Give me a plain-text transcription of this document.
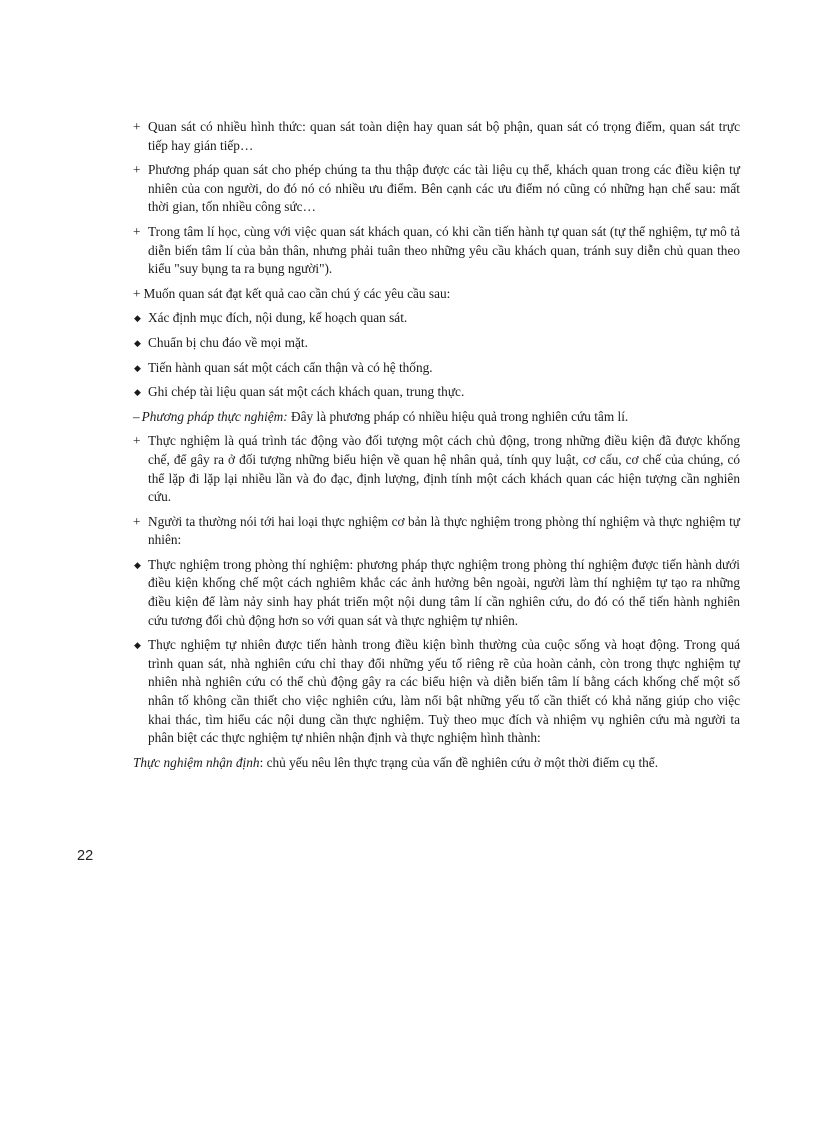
+ Quan sát có nhiều hình thức: quan sát toàn diện hay quan sát bộ phận, quan sát có trọng điểm, quan sát trực tiếp hay gián tiếp…
+ Phương pháp quan sát cho phép chúng ta thu thập được các tài liệu cụ thể, khách quan trong các điều kiện tự nhiên của con người, do đó nó có nhiều ưu điểm. Bên cạnh các ưu điểm nó cũng có những hạn chế sau: mất thời gian, tốn nhiều công sức…
+ Trong tâm lí học, cùng với việc quan sát khách quan, có khi cần tiến hành tự quan sát (tự thể nghiệm, tự mô tả diễn biến tâm lí của bản thân, nhưng phải tuân theo những yêu cầu khách quan, tránh suy diễn chủ quan theo kiểu "suy bụng ta ra bụng người").
+ Muốn quan sát đạt kết quả cao cần chú ý các yêu cầu sau:
◆ Xác định mục đích, nội dung, kế hoạch quan sát.
◆ Chuẩn bị chu đáo về mọi mặt.
◆ Tiến hành quan sát một cách cẩn thận và có hệ thống.
◆ Ghi chép tài liệu quan sát một cách khách quan, trung thực.
– Phương pháp thực nghiệm: Đây là phương pháp có nhiều hiệu quả trong nghiên cứu tâm lí.
+ Thực nghiệm là quá trình tác động vào đối tượng một cách chủ động, trong những điều kiện đã được khống chế, để gây ra ở đối tượng những biểu hiện về quan hệ nhân quả, tính quy luật, cơ cấu, cơ chế của chúng, có thể lặp đi lặp lại nhiều lần và đo đạc, định lượng, định tính một cách khách quan các hiện tượng cần nghiên cứu.
+ Người ta thường nói tới hai loại thực nghiệm cơ bản là thực nghiệm trong phòng thí nghiệm và thực nghiệm tự nhiên:
◆ Thực nghiệm trong phòng thí nghiệm: phương pháp thực nghiệm trong phòng thí nghiệm được tiến hành dưới điều kiện khống chế một cách nghiêm khắc các ảnh hưởng bên ngoài, người làm thí nghiệm tự tạo ra những điều kiện để làm nảy sinh hay phát triển một nội dung tâm lí cần nghiên cứu, do đó có thể tiến hành nghiên cứu tương đối chủ động hơn so với quan sát và thực nghiệm tự nhiên.
◆ Thực nghiệm tự nhiên được tiến hành trong điều kiện bình thường của cuộc sống và hoạt động. Trong quá trình quan sát, nhà nghiên cứu chỉ thay đổi những yếu tố riêng rẽ của hoàn cảnh, còn trong thực nghiệm tự nhiên nhà nghiên cứu có thể chủ động gây ra các biểu hiện và diễn biến tâm lí bằng cách khống chế một số nhân tố không cần thiết cho việc nghiên cứu, làm nổi bật những yếu tố cần thiết có khả năng giúp cho việc khai thác, tìm hiểu các nội dung cần thực nghiệm. Tuỳ theo mục đích và nhiệm vụ nghiên cứu mà người ta phân biệt các thực nghiệm tự nhiên nhận định và thực nghiệm hình thành:
Thực nghiệm nhận định: chủ yếu nêu lên thực trạng của vấn đề nghiên cứu ở một thời điểm cụ thể.
22
